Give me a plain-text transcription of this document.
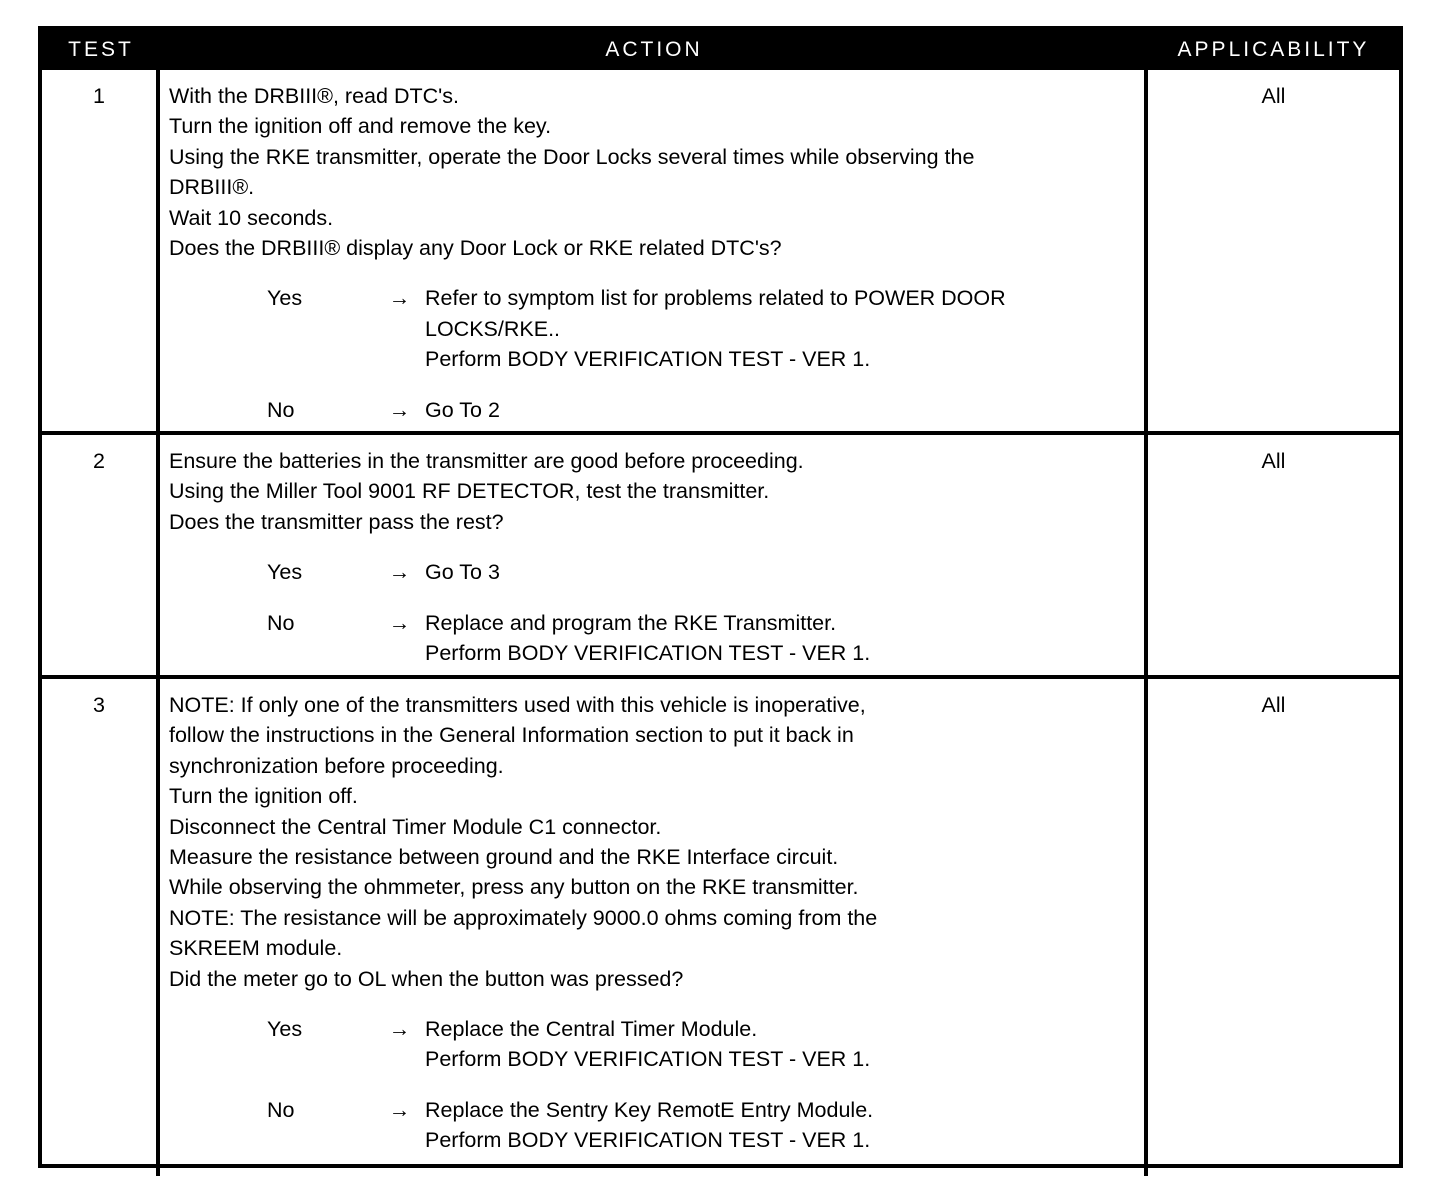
TEST	ACTION	APPLICABILITY
1	With the DRBIII®, read DTC's.
Turn the ignition off and remove the key.
Using the RKE transmitter, operate the Door Locks several times while observing the
DRBIII®.
Wait 10 seconds.
Does the DRBIII® display any Door Lock or RKE related DTC's?
Yes	→ Refer to symptom list for problems related to POWER DOOR
LOCKS/RKE..
Perform BODY VERIFICATION TEST - VER 1.
No	→ Go To 2
All
2	Ensure the batteries in the transmitter are good before proceeding.
Using the Miller Tool 9001 RF DETECTOR, test the transmitter.
Does the transmitter pass the rest?
Yes	→ Go To 3
No	→ Replace and program the RKE Transmitter.
Perform BODY VERIFICATION TEST - VER 1.
All
3	NOTE: If only one of the transmitters used with this vehicle is inoperative,
follow the instructions in the General Information section to put it back in
synchronization before proceeding.
Turn the ignition off.
Disconnect the Central Timer Module C1 connector.
Measure the resistance between ground and the RKE Interface circuit.
While observing the ohmmeter, press any button on the RKE transmitter.
NOTE: The resistance will be approximately 9000.0 ohms coming from the
SKREEM module.
Did the meter go to OL when the button was pressed?
Yes	→ Replace the Central Timer Module.
Perform BODY VERIFICATION TEST - VER 1.
No	→ Replace the Sentry Key RemotE Entry Module.
Perform BODY VERIFICATION TEST - VER 1.
All
